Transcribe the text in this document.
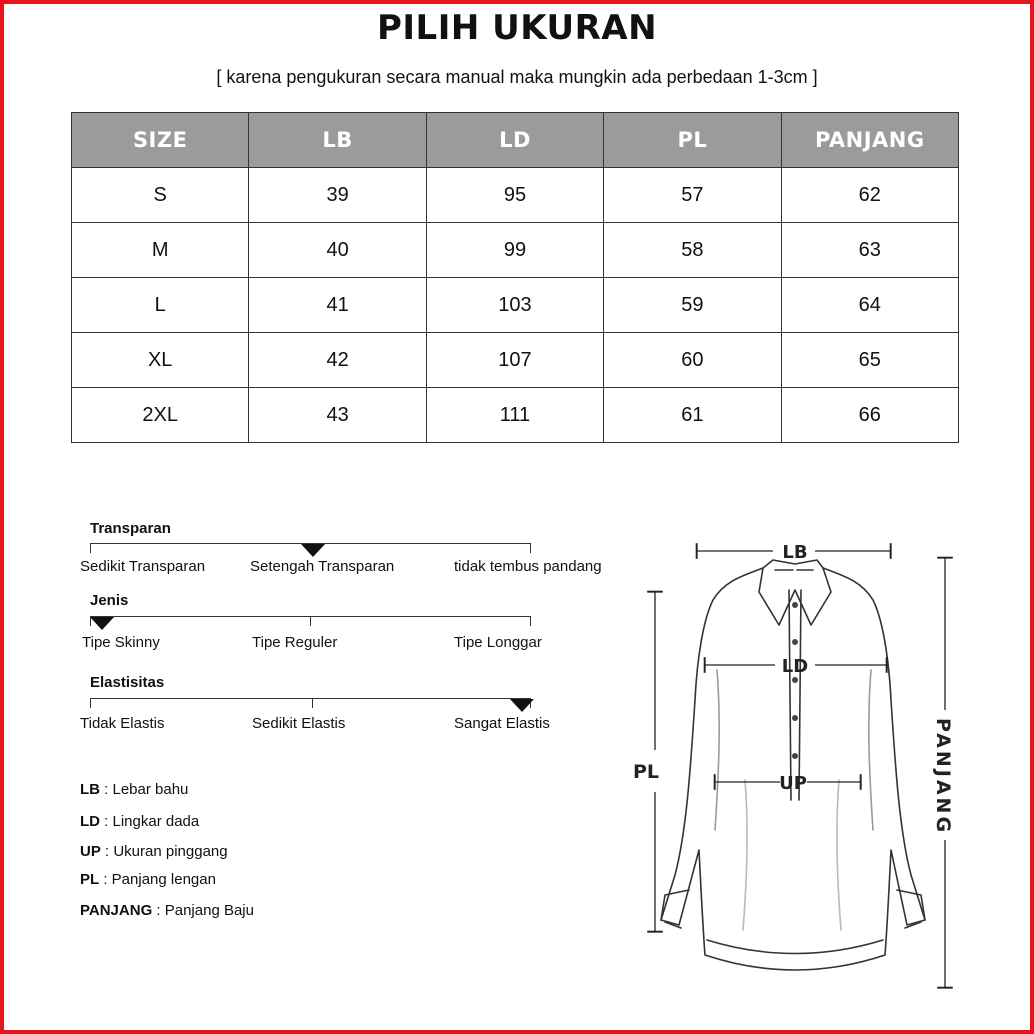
PILIH UKURAN
[ karena pengukuran secara manual maka mungkin ada perbedaan 1-3cm ]
SIZE	LB	LD	PL	PANJANG
S	39	95	57	62
M	40	99	58	63
L	41	103	59	64
XL	42	107	60	65
2XL	43	111	61	66
Transparan
Sedikit Transparan	Setengah Transparan	tidak tembus pandang
Jenis
Tipe Skinny	Tipe Reguler	Tipe Longgar
Elastisitas
Tidak Elastis	Sedikit Elastis	Sangat Elastis
LB : Lebar bahu
LD : Lingkar dada
UP : Ukuran pinggang
PL : Panjang lengan
PANJANG : Panjang Baju
LB
LD
UP
PL	PANJANG
